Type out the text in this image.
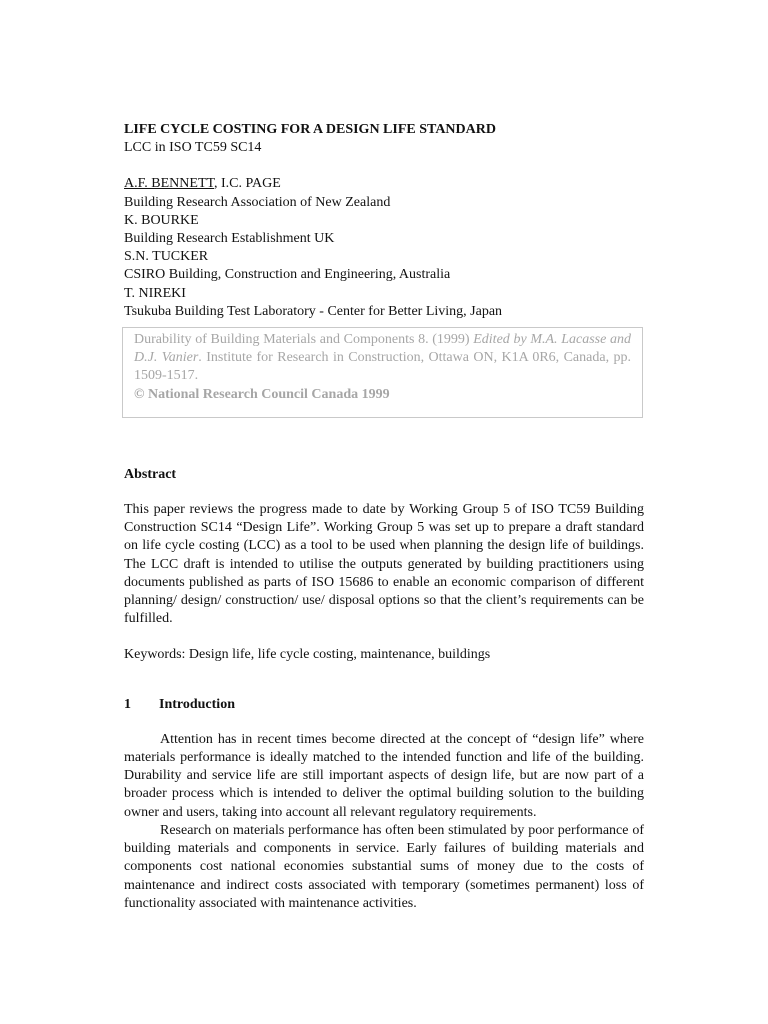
LIFE CYCLE COSTING FOR A DESIGN LIFE STANDARD

LCC in ISO TC59 SC14

A.F. BENNETT, I.C. PAGE

Building Research Association of New Zealand

K. BOURKE

Building Research Establishment UK

S.N. TUCKER

CSIRO Building, Construction and Engineering, Australia

T. NIREKI

Tsukuba Building Test Laboratory - Center for Better Living, Japan

Durability of Building Materials and Components 8. (1999) Edited by M.A. Lacasse and D.J. Vanier. Institute for Research in Construction, Ottawa ON, K1A 0R6, Canada, pp. 1509-1517.
© National Research Council Canada 1999

Abstract

This paper reviews the progress made to date by Working Group 5 of ISO TC59 Building Construction SC14 “Design Life”. Working Group 5 was set up to prepare a draft standard on life cycle costing (LCC) as a tool to be used when planning the design life of buildings. The LCC draft is intended to utilise the outputs generated by building practitioners using documents published as parts of ISO 15686 to enable an economic comparison of different planning/ design/ construction/ use/ disposal options so that the client’s requirements can be fulfilled.

Keywords: Design life, life cycle costing, maintenance, buildings

1 Introduction

Attention has in recent times become directed at the concept of “design life” where materials performance is ideally matched to the intended function and life of the building. Durability and service life are still important aspects of design life, but are now part of a broader process which is intended to deliver the optimal building solution to the building owner and users, taking into account all relevant regulatory requirements.

Research on materials performance has often been stimulated by poor performance of building materials and components in service. Early failures of building materials and components cost national economies substantial sums of money due to the costs of maintenance and indirect costs associated with temporary (sometimes permanent) loss of functionality associated with maintenance activities.
